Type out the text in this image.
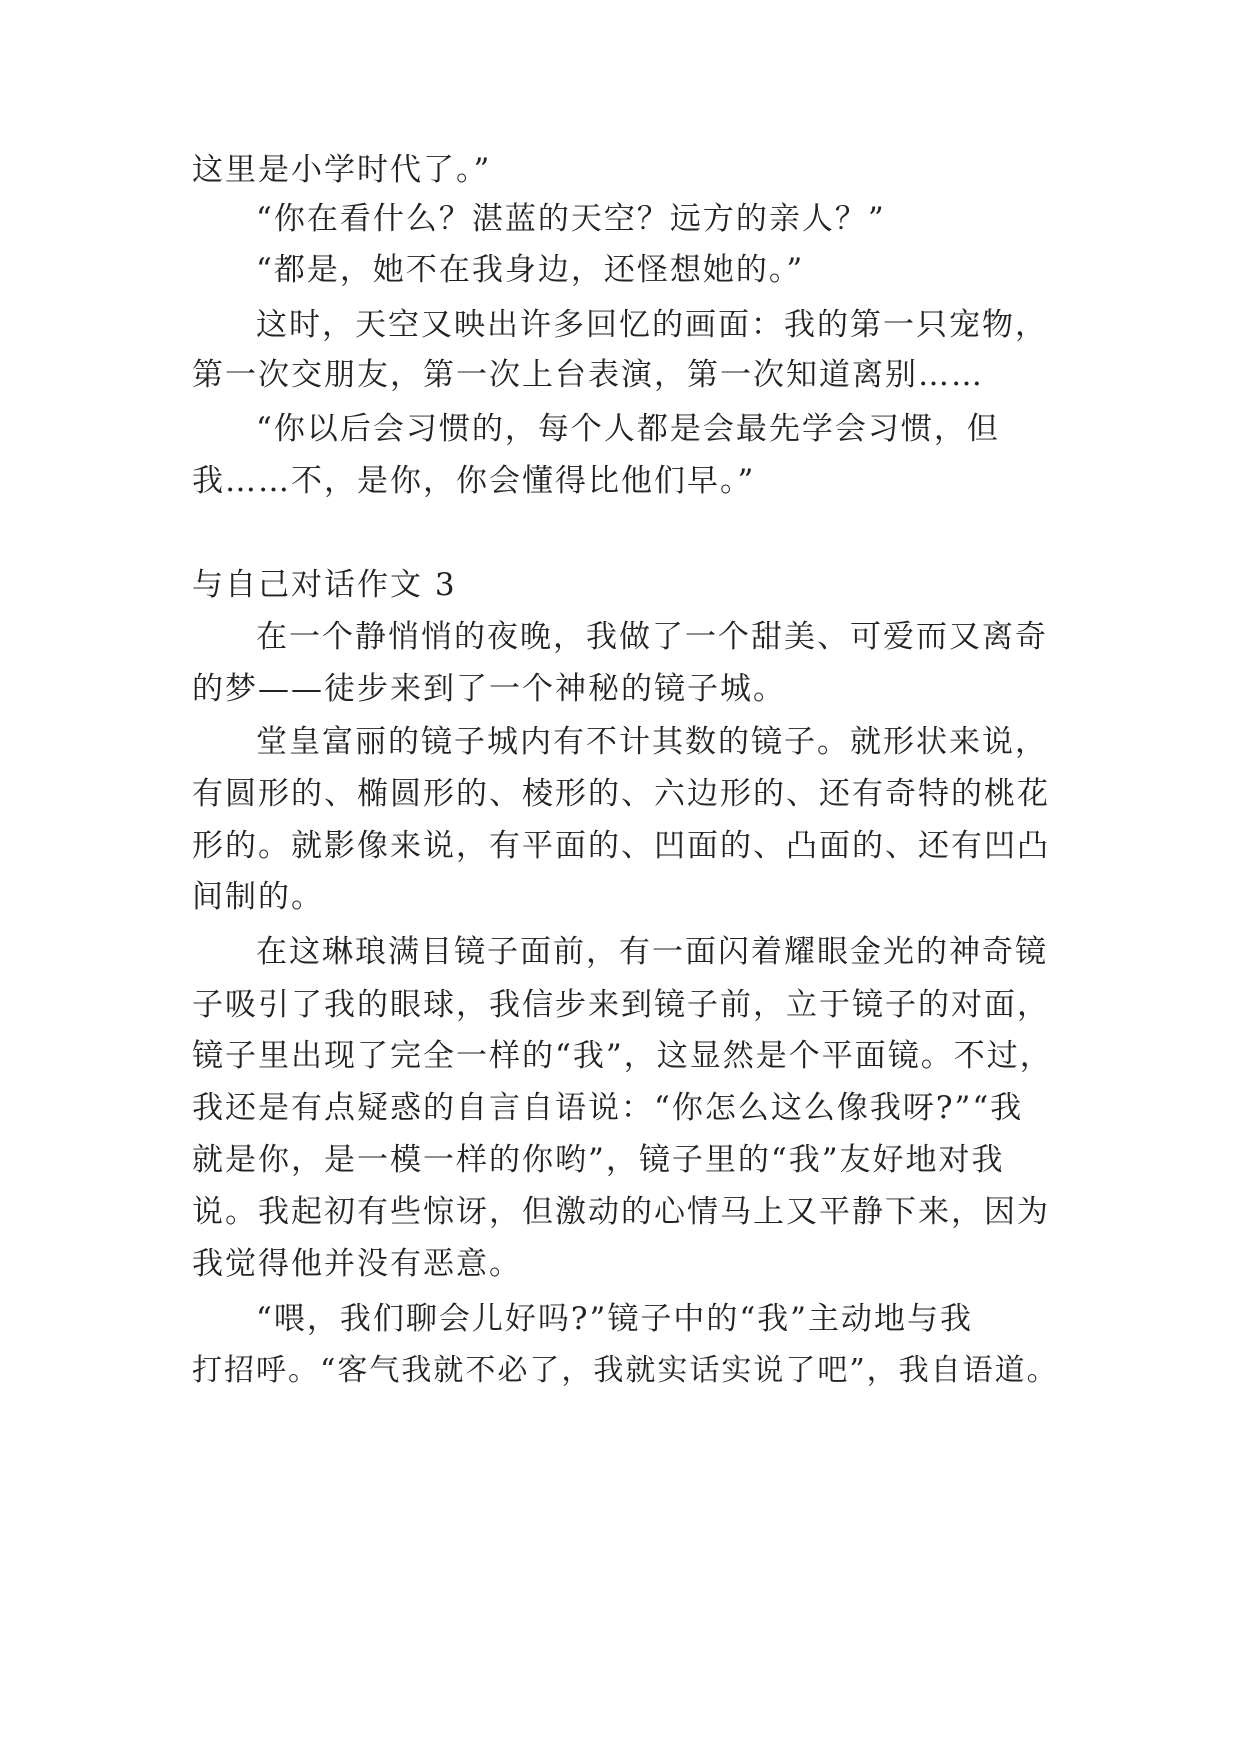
这里是小学时代了。”
“你在看什么？湛蓝的天空？远方的亲人？”
“都是，她不在我身边，还怪想她的。”
这时，天空又映出许多回忆的画面：我的第一只宠物，
第一次交朋友，第一次上台表演，第一次知道离别……
“你以后会习惯的，每个人都是会最先学会习惯，但
我……不，是你，你会懂得比他们早。”
与自己对话作文 3
在一个静悄悄的夜晚，我做了一个甜美、可爱而又离奇
的梦——徒步来到了一个神秘的镜子城。
堂皇富丽的镜子城内有不计其数的镜子。就形状来说，
有圆形的、椭圆形的、棱形的、六边形的、还有奇特的桃花
形的。就影像来说，有平面的、凹面的、凸面的、还有凹凸
间制的。
在这琳琅满目镜子面前，有一面闪着耀眼金光的神奇镜
子吸引了我的眼球，我信步来到镜子前，立于镜子的对面，
镜子里出现了完全一样的“我”，这显然是个平面镜。不过，
我还是有点疑惑的自言自语说：“你怎么这么像我呀?”“我
就是你，是一模一样的你哟”，镜子里的“我”友好地对我
说。我起初有些惊讶，但激动的心情马上又平静下来，因为
我觉得他并没有恶意。
“喂，我们聊会儿好吗?”镜子中的“我”主动地与我
打招呼。“客气我就不必了，我就实话实说了吧”，我自语道。
